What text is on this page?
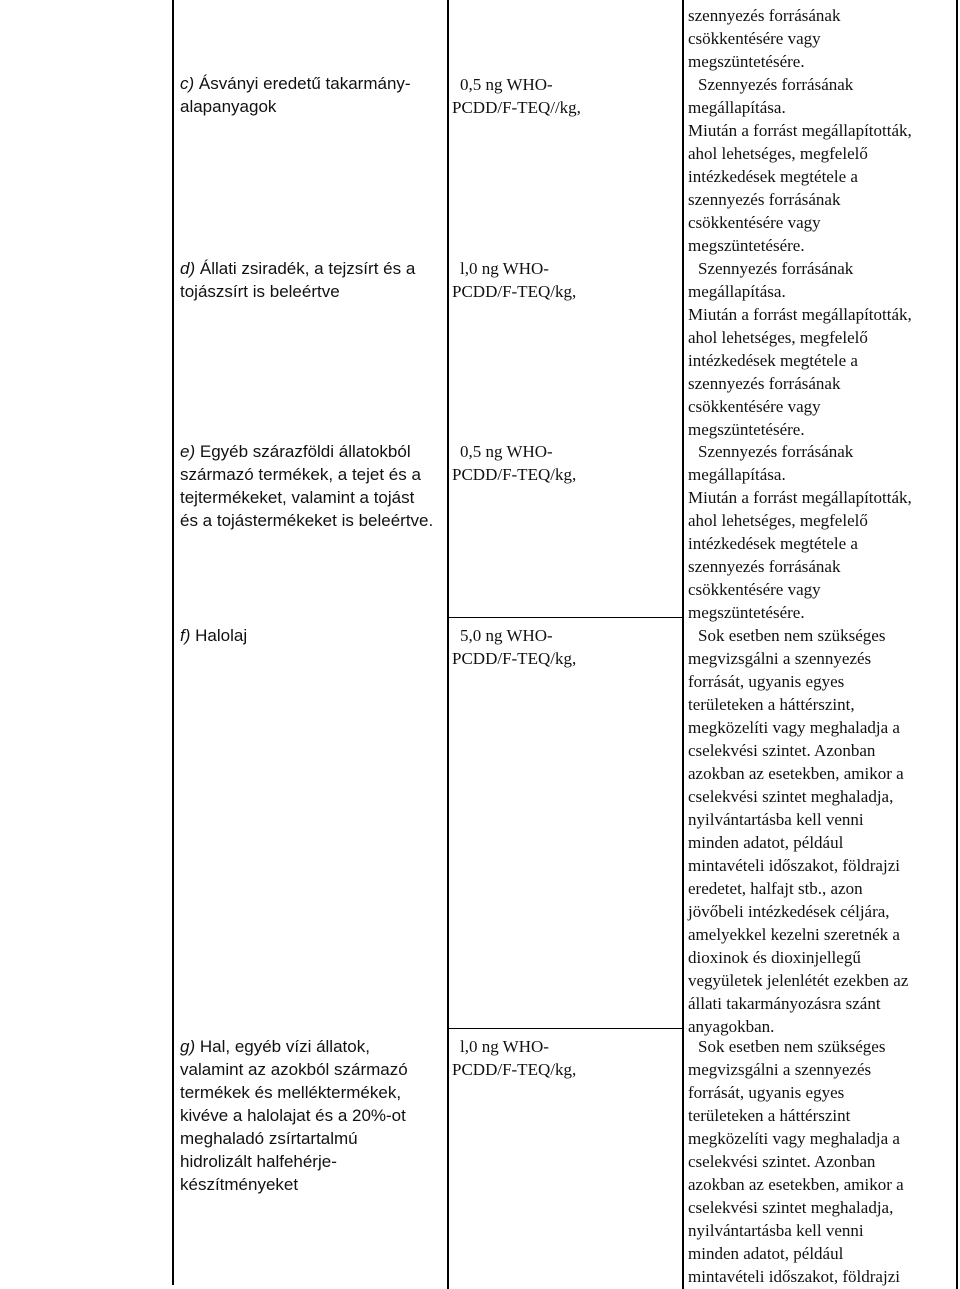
szennyezés forrásának
csökkentésére vagy
megszüntetésére.
c) Ásványi eredetű takarmány-
alapanyagok
0,5 ng WHO-
PCDD/F-TEQ//kg,
Szennyezés forrásának
megállapítása.
Miután a forrást megállapították,
ahol lehetséges, megfelelő
intézkedések megtétele a
szennyezés forrásának
csökkentésére vagy
megszüntetésére.
d) Állati zsiradék, a tejzsírt és a
tojászsírt is beleértve
l,0 ng WHO-
PCDD/F-TEQ/kg,
Szennyezés forrásának
megállapítása.
Miután a forrást megállapították,
ahol lehetséges, megfelelő
intézkedések megtétele a
szennyezés forrásának
csökkentésére vagy
megszüntetésére.
e) Egyéb szárazföldi állatokból
származó termékek, a tejet és a
tejtermékeket, valamint a tojást
és a tojástermékeket is beleértve.
0,5 ng WHO-
PCDD/F-TEQ/kg,
Szennyezés forrásának
megállapítása.
Miután a forrást megállapították,
ahol lehetséges, megfelelő
intézkedések megtétele a
szennyezés forrásának
csökkentésére vagy
megszüntetésére.
f) Halolaj	5,0 ng WHO-
PCDD/F-TEQ/kg,
Sok esetben nem szükséges
megvizsgálni a szennyezés
forrását, ugyanis egyes
területeken a háttérszint,
megközelíti vagy meghaladja a
cselekvési szintet. Azonban
azokban az esetekben, amikor a
cselekvési szintet meghaladja,
nyilvántartásba kell venni
minden adatot, például
mintavételi időszakot, földrajzi
eredetet, halfajt stb., azon
jövőbeli intézkedések céljára,
amelyekkel kezelni szeretnék a
dioxinok és dioxinjellegű
vegyületek jelenlétét ezekben az
állati takarmányozásra szánt
anyagokban.
g) Hal, egyéb vízi állatok,
valamint az azokból származó
termékek és melléktermékek,
kivéve a halolajat és a 20%-ot
meghaladó zsírtartalmú
hidrolizált halfehérje-
készítményeket
l,0 ng WHO-
PCDD/F-TEQ/kg,
Sok esetben nem szükséges
megvizsgálni a szennyezés
forrását, ugyanis egyes
területeken a háttérszint
megközelíti vagy meghaladja a
cselekvési szintet. Azonban
azokban az esetekben, amikor a
cselekvési szintet meghaladja,
nyilvántartásba kell venni
minden adatot, például
mintavételi időszakot, földrajzi
